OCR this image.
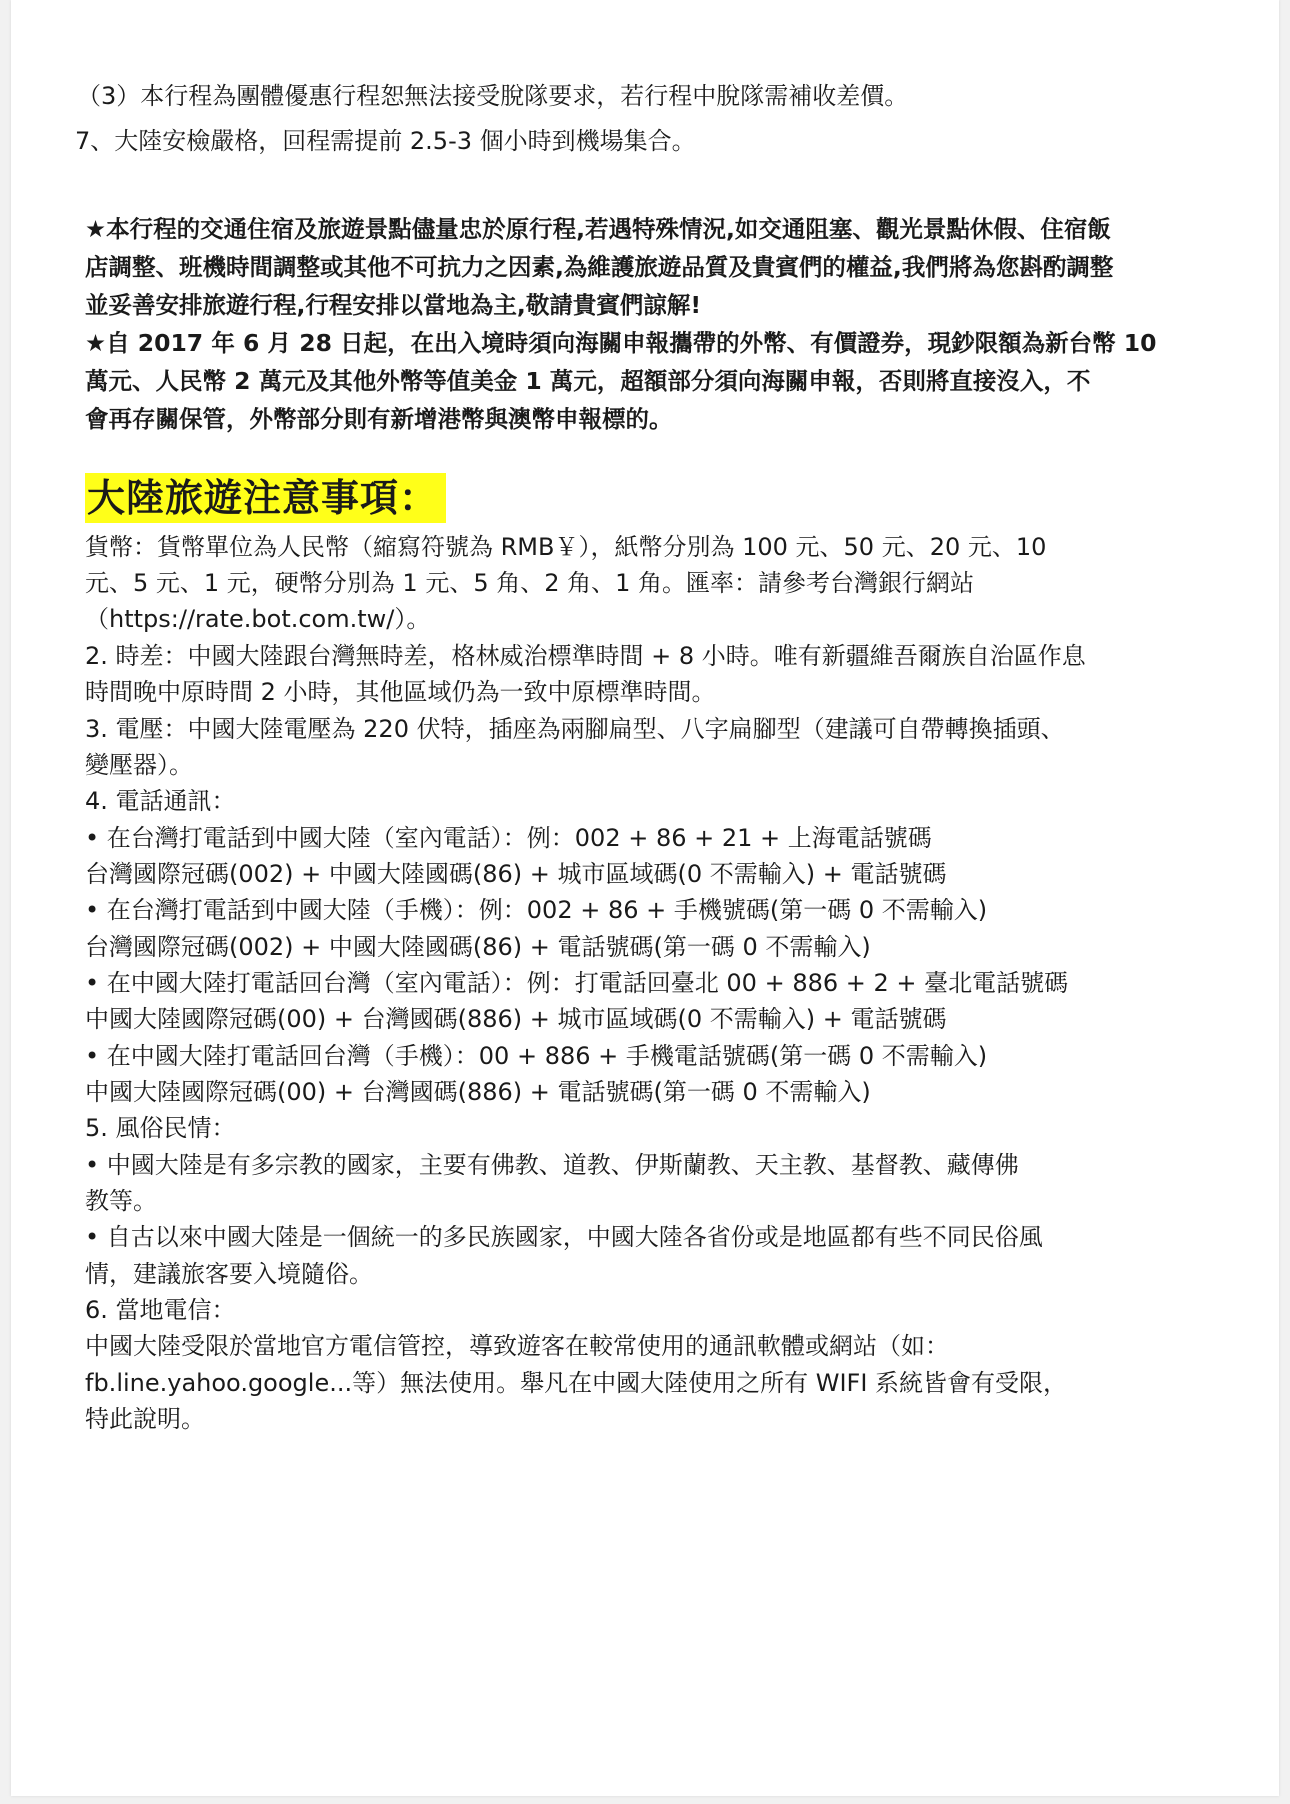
（3）本行程為團體優惠行程恕無法接受脫隊要求，若行程中脫隊需補收差價。
7、大陸安檢嚴格，回程需提前 2.5-3 個小時到機場集合。
★本行程的交通住宿及旅遊景點儘量忠於原行程,若遇特殊情況,如交通阻塞、觀光景點休假、住宿飯
店調整、班機時間調整或其他不可抗力之因素,為維護旅遊品質及貴賓們的權益,我們將為您斟酌調整
並妥善安排旅遊行程,行程安排以當地為主,敬請貴賓們諒解!
★自 2017 年 6 月 28 日起，在出入境時須向海關申報攜帶的外幣、有價證券，現鈔限額為新台幣 10
萬元、人民幣 2 萬元及其他外幣等值美金 1 萬元，超額部分須向海關申報，否則將直接沒入，不
會再存關保管，外幣部分則有新增港幣與澳幣申報標的。
大陸旅遊注意事項：
貨幣：貨幣單位為人民幣（縮寫符號為 RMB￥），紙幣分別為 100 元、50 元、20 元、10
元、5 元、1 元，硬幣分別為 1 元、5 角、2 角、1 角。匯率：請參考台灣銀行網站
（https://rate.bot.com.tw/）。
2. 時差：中國大陸跟台灣無時差，格林威治標準時間 + 8 小時。唯有新疆維吾爾族自治區作息
時間晚中原時間 2 小時，其他區域仍為一致中原標準時間。
3. 電壓：中國大陸電壓為 220 伏特，插座為兩腳扁型、八字扁腳型（建議可自帶轉換插頭、
變壓器）。
4. 電話通訊：
• 在台灣打電話到中國大陸（室內電話）：例：002 + 86 + 21 + 上海電話號碼
台灣國際冠碼(002) + 中國大陸國碼(86) + 城市區域碼(0 不需輸入) + 電話號碼
• 在台灣打電話到中國大陸（手機）：例：002 + 86 + 手機號碼(第一碼 0 不需輸入)
台灣國際冠碼(002) + 中國大陸國碼(86) + 電話號碼(第一碼 0 不需輸入)
• 在中國大陸打電話回台灣（室內電話）：例：打電話回臺北 00 + 886 + 2 + 臺北電話號碼
中國大陸國際冠碼(00) + 台灣國碼(886) + 城市區域碼(0 不需輸入) + 電話號碼
• 在中國大陸打電話回台灣（手機）：00 + 886 + 手機電話號碼(第一碼 0 不需輸入)
中國大陸國際冠碼(00) + 台灣國碼(886) + 電話號碼(第一碼 0 不需輸入)
5. 風俗民情：
• 中國大陸是有多宗教的國家，主要有佛教、道教、伊斯蘭教、天主教、基督教、藏傳佛
教等。
• 自古以來中國大陸是一個統一的多民族國家，中國大陸各省份或是地區都有些不同民俗風
情，建議旅客要入境隨俗。
6. 當地電信：
中國大陸受限於當地官方電信管控，導致遊客在較常使用的通訊軟體或網站（如：
fb.line.yahoo.google...等）無法使用。舉凡在中國大陸使用之所有 WIFI 系統皆會有受限，
特此說明。
